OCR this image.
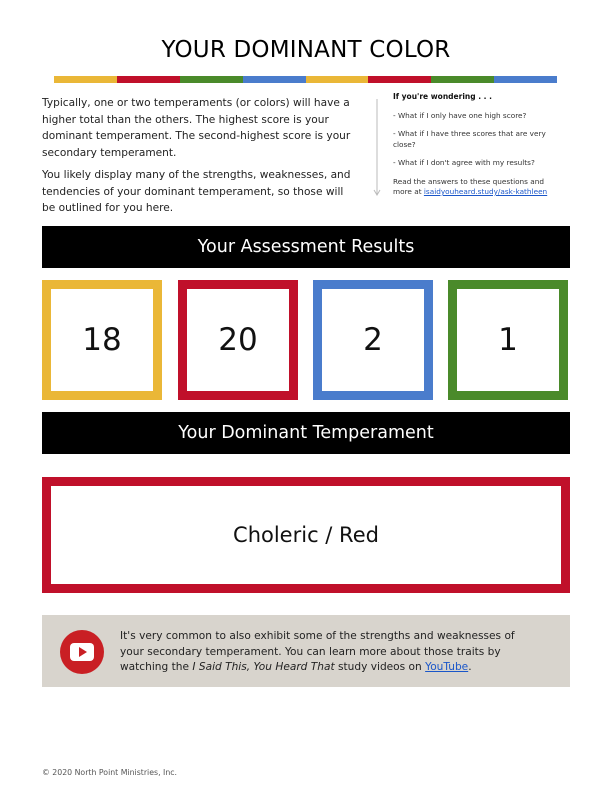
YOUR DOMINANT COLOR

Typically, one or two temperaments (or colors) will have a higher total than the others. The highest score is your dominant temperament. The second-highest score is your secondary temperament.

You likely display many of the strengths, weaknesses, and tendencies of your dominant temperament, so those will be outlined for you here.

If you're wondering . . .
- What if I only have one high score?
- What if I have three scores that are very close?
- What if I don't agree with my results?
Read the answers to these questions and more at isaidyouheard.study/ask-kathleen
Your Assessment Results
18	20	2	1
Your Dominant Temperament
Choleric / Red
It's very common to also exhibit some of the strengths and weaknesses of your secondary temperament. You can learn more about those traits by watching the I Said This, You Heard That study videos on YouTube.
© 2020 North Point Ministries, Inc.
